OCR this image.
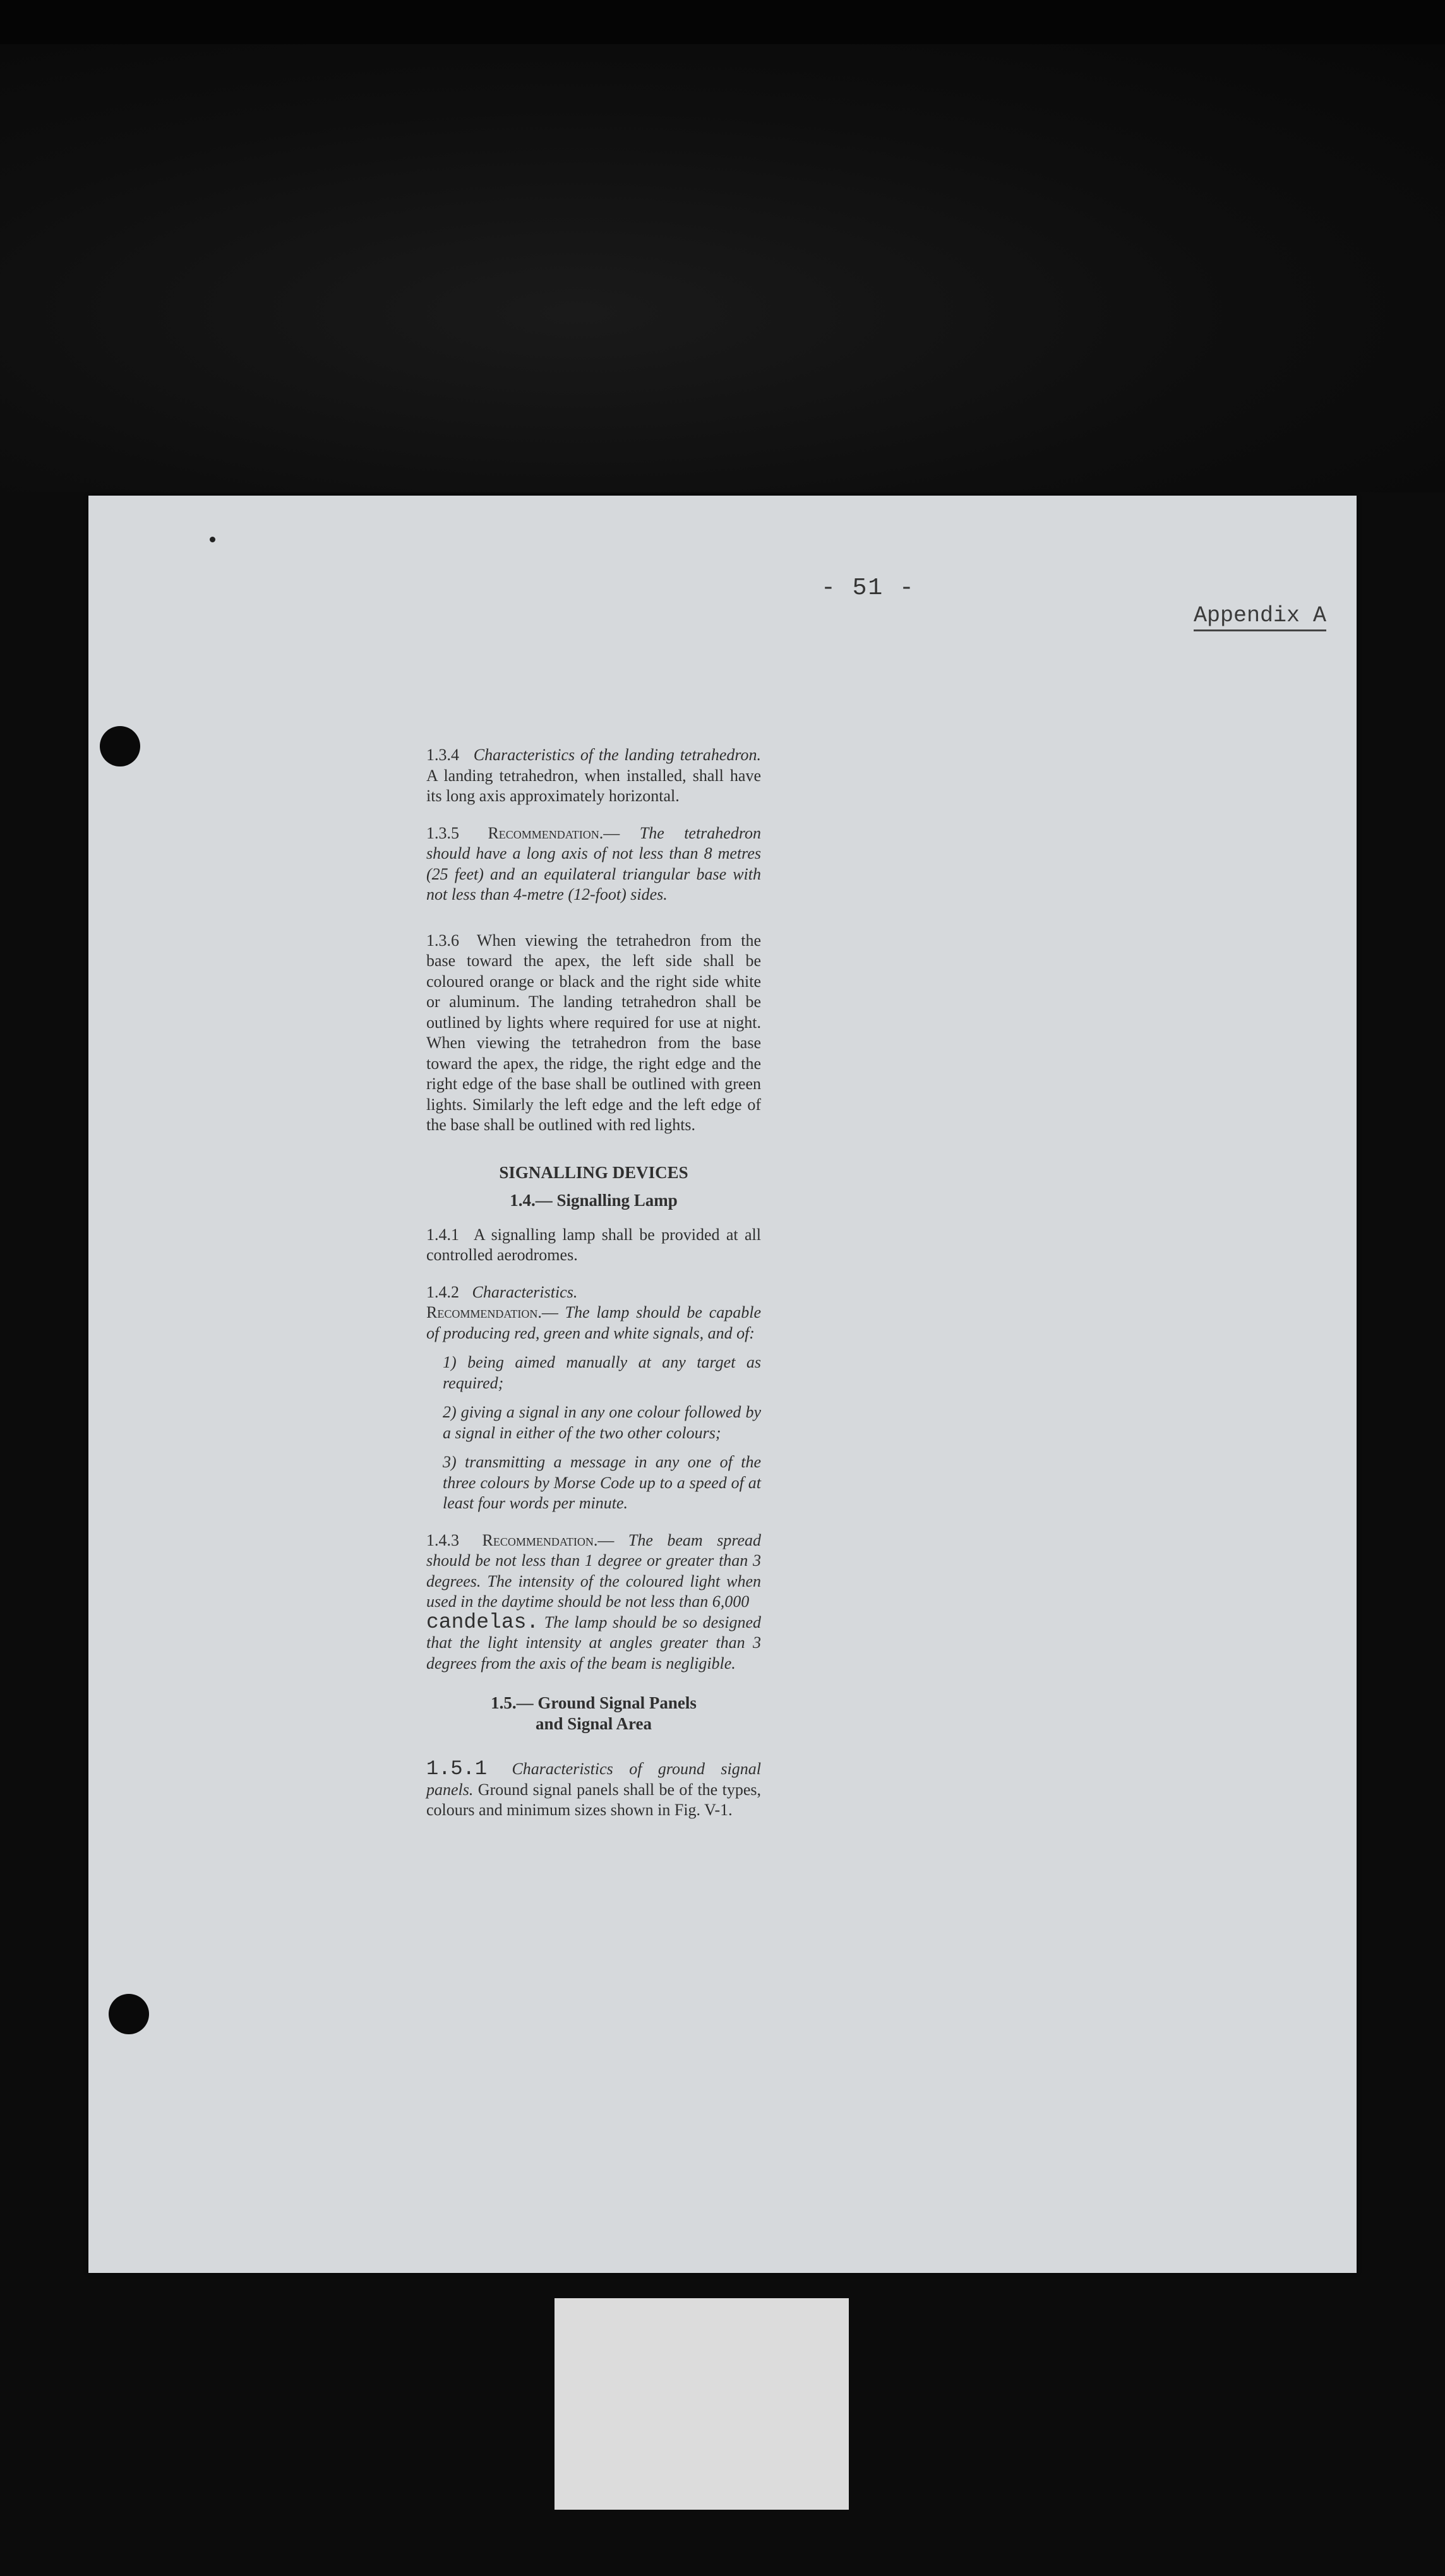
- 51 -
Appendix A

1.3.4 Characteristics of the landing tetrahedron. A landing tetrahedron, when installed, shall have its long axis approximately horizontal.

1.3.5 Recommendation.— The tetrahedron should have a long axis of not less than 8 metres (25 feet) and an equilateral triangular base with not less than 4-metre (12-foot) sides.

1.3.6 When viewing the tetrahedron from the base toward the apex, the left side shall be coloured orange or black and the right side white or aluminum. The landing tetrahedron shall be outlined by lights where required for use at night. When viewing the tetrahedron from the base toward the apex, the ridge, the right edge and the right edge of the base shall be outlined with green lights. Similarly the left edge and the left edge of the base shall be outlined with red lights.

SIGNALLING DEVICES
1.4.— Signalling Lamp

1.4.1 A signalling lamp shall be provided at all controlled aerodromes.

1.4.2 Characteristics.

Recommendation.— The lamp should be capable of producing red, green and white signals, and of:

1) being aimed manually at any target as required;
2) giving a signal in any one colour followed by a signal in either of the two other colours;
3) transmitting a message in any one of the three colours by Morse Code up to a speed of at least four words per minute.

1.4.3 Recommendation.— The beam spread should be not less than 1 degree or greater than 3 degrees. The intensity of the coloured light when used in the daytime should be not less than 6,000

candelas. The lamp should be so designed that the light intensity at angles greater than 3 degrees from the axis of the beam is negligible.

1.5.— Ground Signal Panels
and Signal Area

1.5.1 Characteristics of ground signal panels. Ground signal panels shall be of the types, colours and minimum sizes shown in Fig. V-1.
